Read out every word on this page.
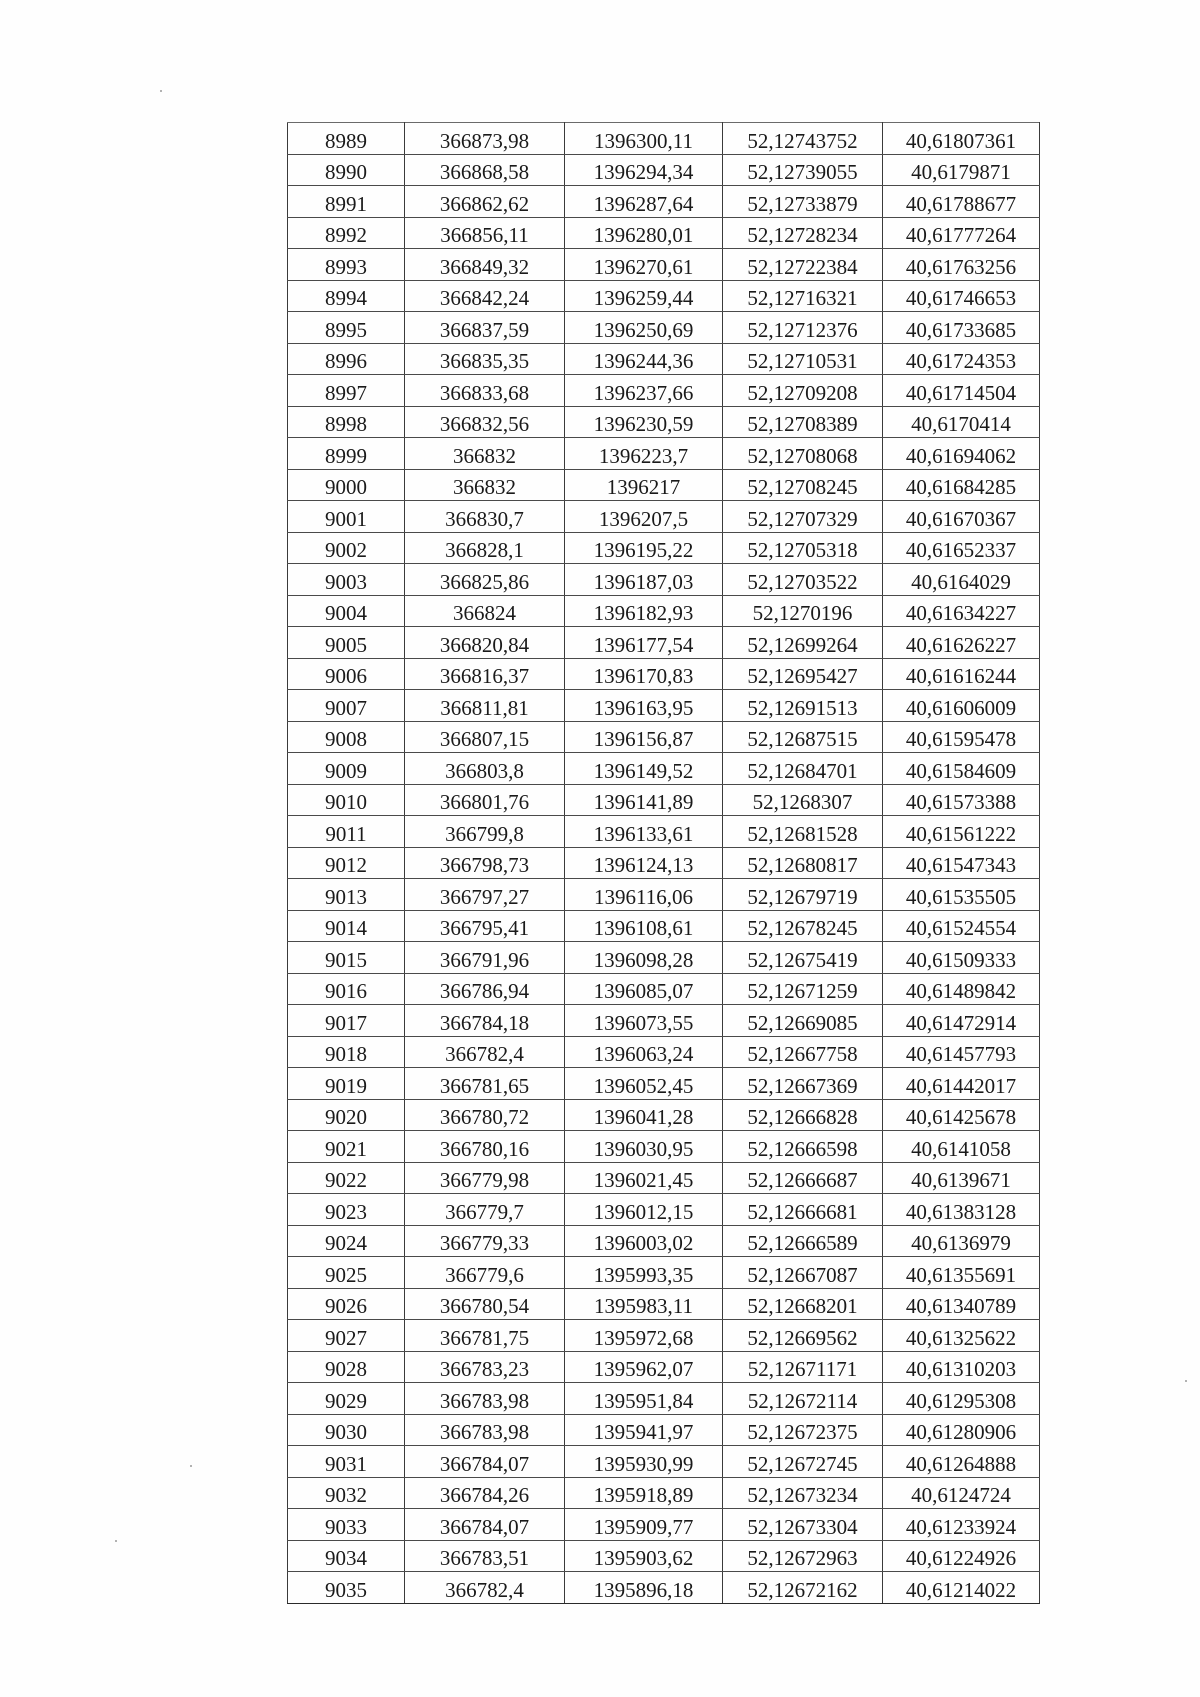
8989	366873,98	1396300,11	52,12743752	40,61807361
8990	366868,58	1396294,34	52,12739055	40,6179871
8991	366862,62	1396287,64	52,12733879	40,61788677
8992	366856,11	1396280,01	52,12728234	40,61777264
8993	366849,32	1396270,61	52,12722384	40,61763256
8994	366842,24	1396259,44	52,12716321	40,61746653
8995	366837,59	1396250,69	52,12712376	40,61733685
8996	366835,35	1396244,36	52,12710531	40,61724353
8997	366833,68	1396237,66	52,12709208	40,61714504
8998	366832,56	1396230,59	52,12708389	40,6170414
8999	366832	1396223,7	52,12708068	40,61694062
9000	366832	1396217	52,12708245	40,61684285
9001	366830,7	1396207,5	52,12707329	40,61670367
9002	366828,1	1396195,22	52,12705318	40,61652337
9003	366825,86	1396187,03	52,12703522	40,6164029
9004	366824	1396182,93	52,1270196	40,61634227
9005	366820,84	1396177,54	52,12699264	40,61626227
9006	366816,37	1396170,83	52,12695427	40,61616244
9007	366811,81	1396163,95	52,12691513	40,61606009
9008	366807,15	1396156,87	52,12687515	40,61595478
9009	366803,8	1396149,52	52,12684701	40,61584609
9010	366801,76	1396141,89	52,1268307	40,61573388
9011	366799,8	1396133,61	52,12681528	40,61561222
9012	366798,73	1396124,13	52,12680817	40,61547343
9013	366797,27	1396116,06	52,12679719	40,61535505
9014	366795,41	1396108,61	52,12678245	40,61524554
9015	366791,96	1396098,28	52,12675419	40,61509333
9016	366786,94	1396085,07	52,12671259	40,61489842
9017	366784,18	1396073,55	52,12669085	40,61472914
9018	366782,4	1396063,24	52,12667758	40,61457793
9019	366781,65	1396052,45	52,12667369	40,61442017
9020	366780,72	1396041,28	52,12666828	40,61425678
9021	366780,16	1396030,95	52,12666598	40,6141058
9022	366779,98	1396021,45	52,12666687	40,6139671
9023	366779,7	1396012,15	52,12666681	40,61383128
9024	366779,33	1396003,02	52,12666589	40,6136979
9025	366779,6	1395993,35	52,12667087	40,61355691
9026	366780,54	1395983,11	52,12668201	40,61340789
9027	366781,75	1395972,68	52,12669562	40,61325622
9028	366783,23	1395962,07	52,12671171	40,61310203
9029	366783,98	1395951,84	52,12672114	40,61295308
9030	366783,98	1395941,97	52,12672375	40,61280906
9031	366784,07	1395930,99	52,12672745	40,61264888
9032	366784,26	1395918,89	52,12673234	40,6124724
9033	366784,07	1395909,77	52,12673304	40,61233924
9034	366783,51	1395903,62	52,12672963	40,61224926
9035	366782,4	1395896,18	52,12672162	40,61214022
